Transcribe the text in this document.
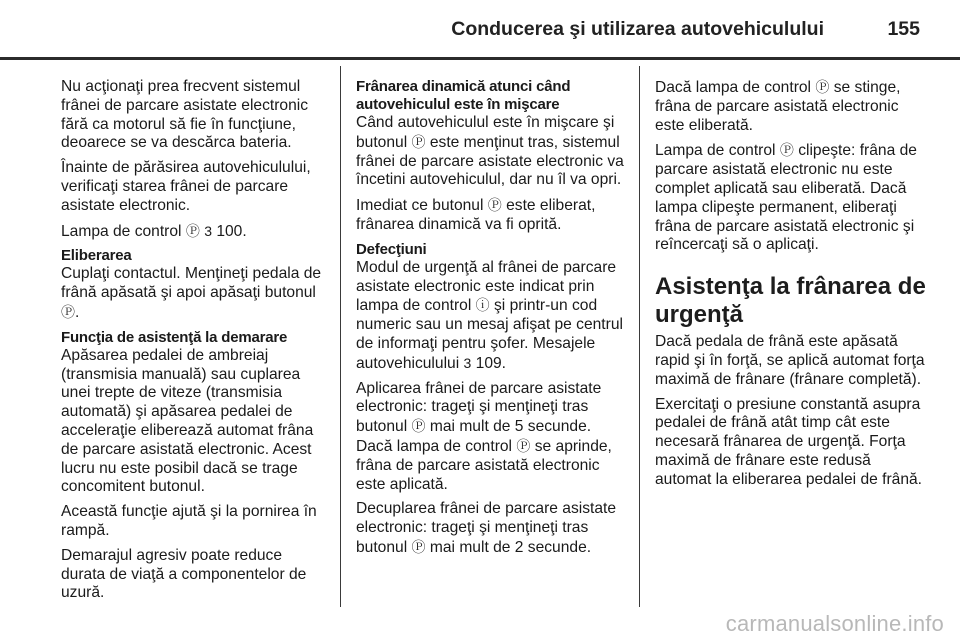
Conducerea şi utilizarea autovehiculului	155

Nu acţionaţi prea frecvent sistemul frânei de parcare asistate electronic fără ca motorul să fie în funcţiune, deoarece se va descărca bateria.

Înainte de părăsirea autovehiculului, verificaţi starea frânei de parcare asistate electronic.

Lampa de control Ⓟ 3 100.

Eliberarea

Cuplaţi contactul. Menţineţi pedala de frână apăsată şi apoi apăsaţi butonul Ⓟ.

Funcţia de asistenţă la demarare

Apăsarea pedalei de ambreiaj (transmisia manuală) sau cuplarea unei trepte de viteze (transmisia automată) şi apăsarea pedalei de acceleraţie eliberează automat frâna de parcare asistată electronic. Acest lucru nu este posibil dacă se trage concomitent butonul.

Această funcţie ajută şi la pornirea în rampă.

Demarajul agresiv poate reduce durata de viaţă a componentelor de uzură.

Frânarea dinamică atunci când autovehiculul este în mişcare

Când autovehiculul este în mişcare şi butonul Ⓟ este menţinut tras, sistemul frânei de parcare asistate electronic va încetini autovehiculul, dar nu îl va opri.

Imediat ce butonul Ⓟ este eliberat, frânarea dinamică va fi oprită.

Defecţiuni

Modul de urgenţă al frânei de parcare asistate electronic este indicat prin lampa de control ⓘ şi printr-un cod numeric sau un mesaj afişat pe centrul de informaţi pentru şofer. Mesajele autovehiculului 3 109.

Aplicarea frânei de parcare asistate electronic: trageţi şi menţineţi tras butonul Ⓟ mai mult de 5 secunde. Dacă lampa de control Ⓟ se aprinde, frâna de parcare asistată electronic este aplicată.

Decuplarea frânei de parcare asistate electronic: trageţi şi menţineţi tras butonul Ⓟ mai mult de 2 secunde.

Dacă lampa de control Ⓟ se stinge, frâna de parcare asistată electronic este eliberată.

Lampa de control Ⓟ clipeşte: frâna de parcare asistată electronic nu este complet aplicată sau eliberată. Dacă lampa clipeşte permanent, eliberaţi frâna de parcare asistată electronic şi reîncercaţi să o aplicaţi.

Asistenţa la frânarea de urgenţă

Dacă pedala de frână este apăsată rapid şi în forţă, se aplică automat forţa maximă de frânare (frânare completă).

Exercitaţi o presiune constantă asupra pedalei de frână atât timp cât este necesară frânarea de urgenţă. Forţa maximă de frânare este redusă automat la eliberarea pedalei de frână.

carmanualsonline.info
